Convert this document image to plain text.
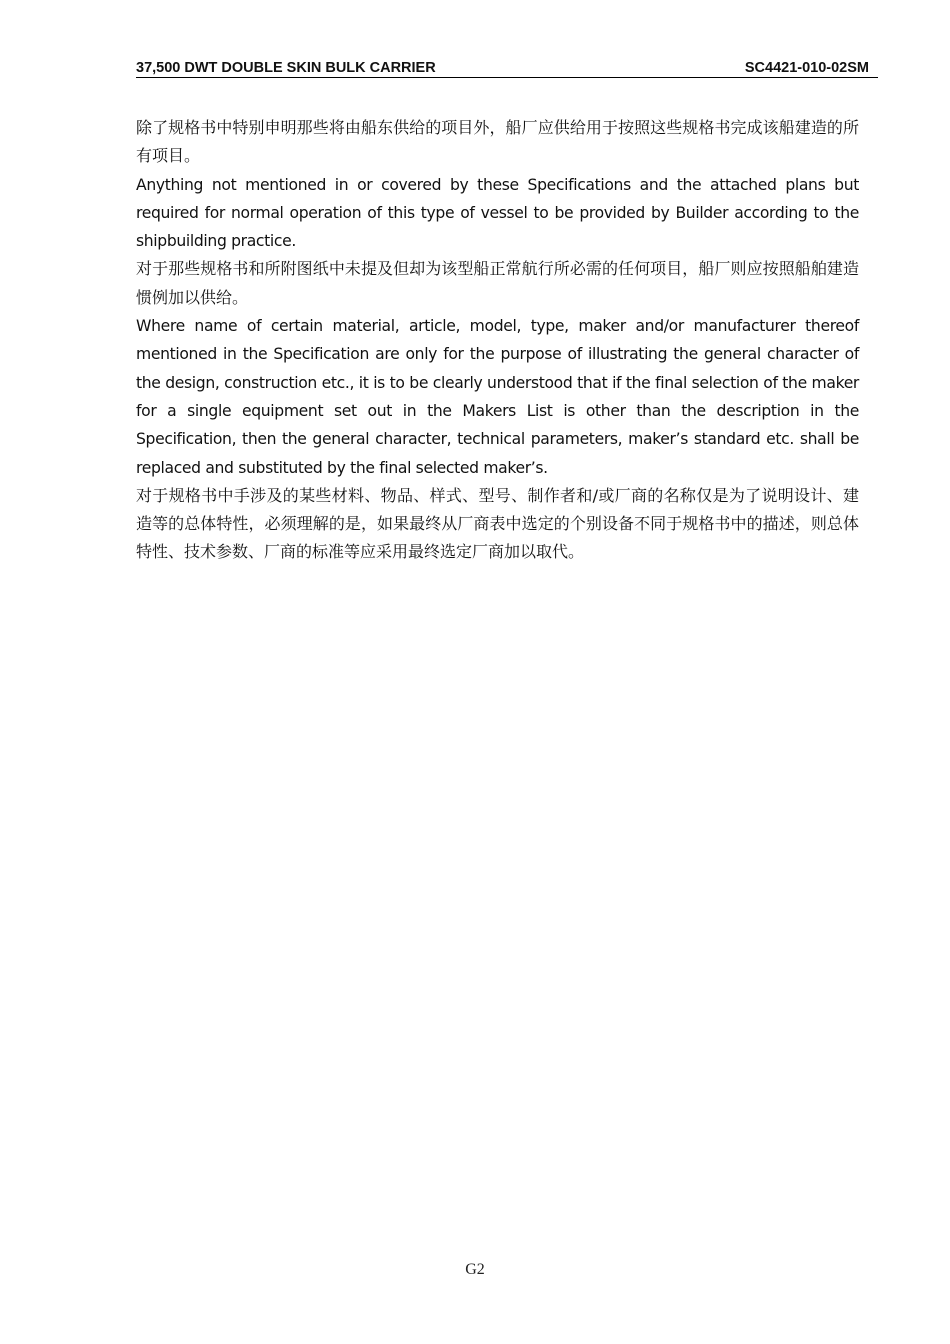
37,500 DWT DOUBLE SKIN BULK CARRIER	SC4421-010-02SM

除了规格书中特别申明那些将由船东供给的项目外，船厂应供给用于按照这些规格书完成该船建造的所有项目。

Anything not mentioned in or covered by these Specifications and the attached plans but required for normal operation of this type of vessel to be provided by Builder according to the shipbuilding practice.

对于那些规格书和所附图纸中未提及但却为该型船正常航行所必需的任何项目，船厂则应按照船舶建造惯例加以供给。

Where name of certain material, article, model, type, maker and/or manufacturer thereof mentioned in the Specification are only for the purpose of illustrating the general character of the design, construction etc., it is to be clearly understood that if the final selection of the maker for a single equipment set out in the Makers List is other than the description in the Specification, then the general character, technical parameters, maker’s standard etc. shall be replaced and substituted by the final selected maker’s.

对于规格书中手涉及的某些材料、物品、样式、型号、制作者和/或厂商的名称仅是为了说明设计、建造等的总体特性，必须理解的是，如果最终从厂商表中选定的个别设备不同于规格书中的描述，则总体特性、技术参数、厂商的标准等应采用最终选定厂商加以取代。

G2
